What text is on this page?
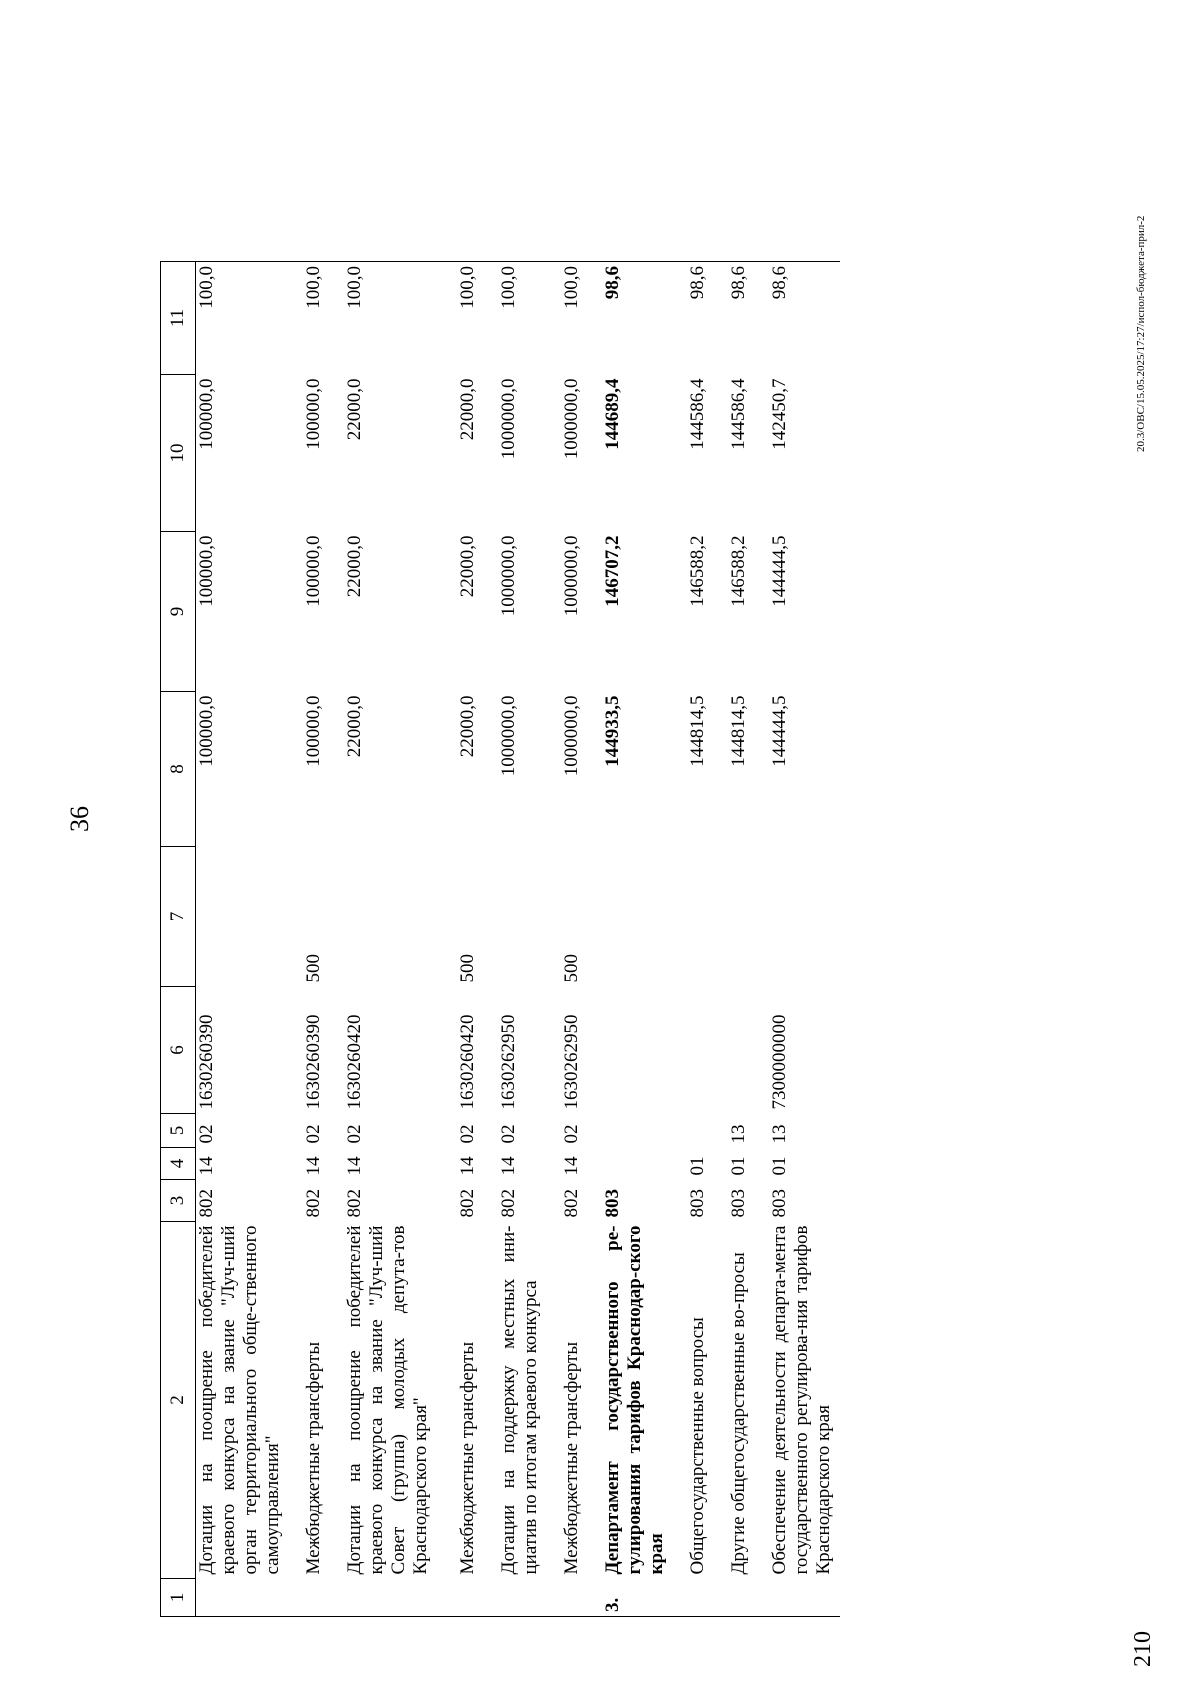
36
1	2	3	4	5	6	7	8	9	10	11
	Дотации на поощрение победителей краевого конкурса на звание "Луч-ший орган территориального обще-ственного самоуправления"	802	14	02	1630260390		100000,0	100000,0	100000,0	100,0
	Межбюджетные трансферты	802	14	02	1630260390	500	100000,0	100000,0	100000,0	100,0
	Дотации на поощрение победителей краевого конкурса на звание "Луч-ший Совет (группа) молодых депута-тов Краснодарского края"	802	14	02	1630260420		22000,0	22000,0	22000,0	100,0
	Межбюджетные трансферты	802	14	02	1630260420	500	22000,0	22000,0	22000,0	100,0
	Дотации на поддержку местных ини-циатив по итогам краевого конкурса	802	14	02	1630262950		1000000,0	1000000,0	1000000,0	100,0
	Межбюджетные трансферты	802	14	02	1630262950	500	1000000,0	1000000,0	1000000,0	100,0
3.	Департамент государственного ре-гулирования тарифов Краснодар-ского края	803					144933,5	146707,2	144689,4	98,6
	Общегосударственные вопросы	803	01				144814,5	146588,2	144586,4	98,6
	Другие общегосударственные во-просы	803	01	13			144814,5	146588,2	144586,4	98,6
	Обеспечение деятельности департа-мента государственного регулирова-ния тарифов Краснодарского края	803	01	13	7300000000		144444,5	144444,5	142450,7	98,6
210
20.3/ОВС/15.05.2025/17:27/испол-бюджета-прил-2
